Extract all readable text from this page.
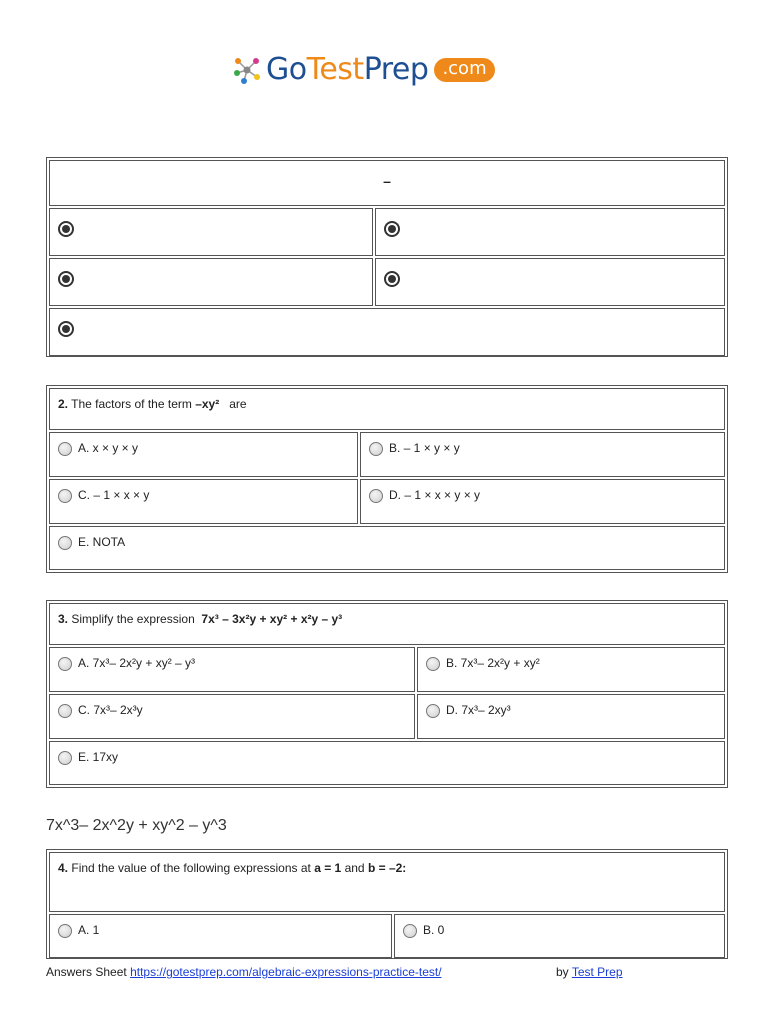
GoTestPrep .com
–
2. The factors of the term –xy² are
A. x × y × y	B. – 1 × y × y
C. – 1 × x × y	D. – 1 × x × y × y
E. NOTA
3. Simplify the expression 7x³ – 3x²y + xy² + x²y – y³
A. 7x³– 2x²y + xy² – y³	B. 7x³– 2x²y + xy²
C. 7x³– 2x³y	D. 7x³– 2xy³
E. 17xy
7x^3– 2x^2y + xy^2 – y^3
4. Find the value of the following expressions at a = 1 and b = –2:
A. 1	B. 0
Answers Sheet https://gotestprep.com/algebraic-expressions-practice-test/	by Test Prep
